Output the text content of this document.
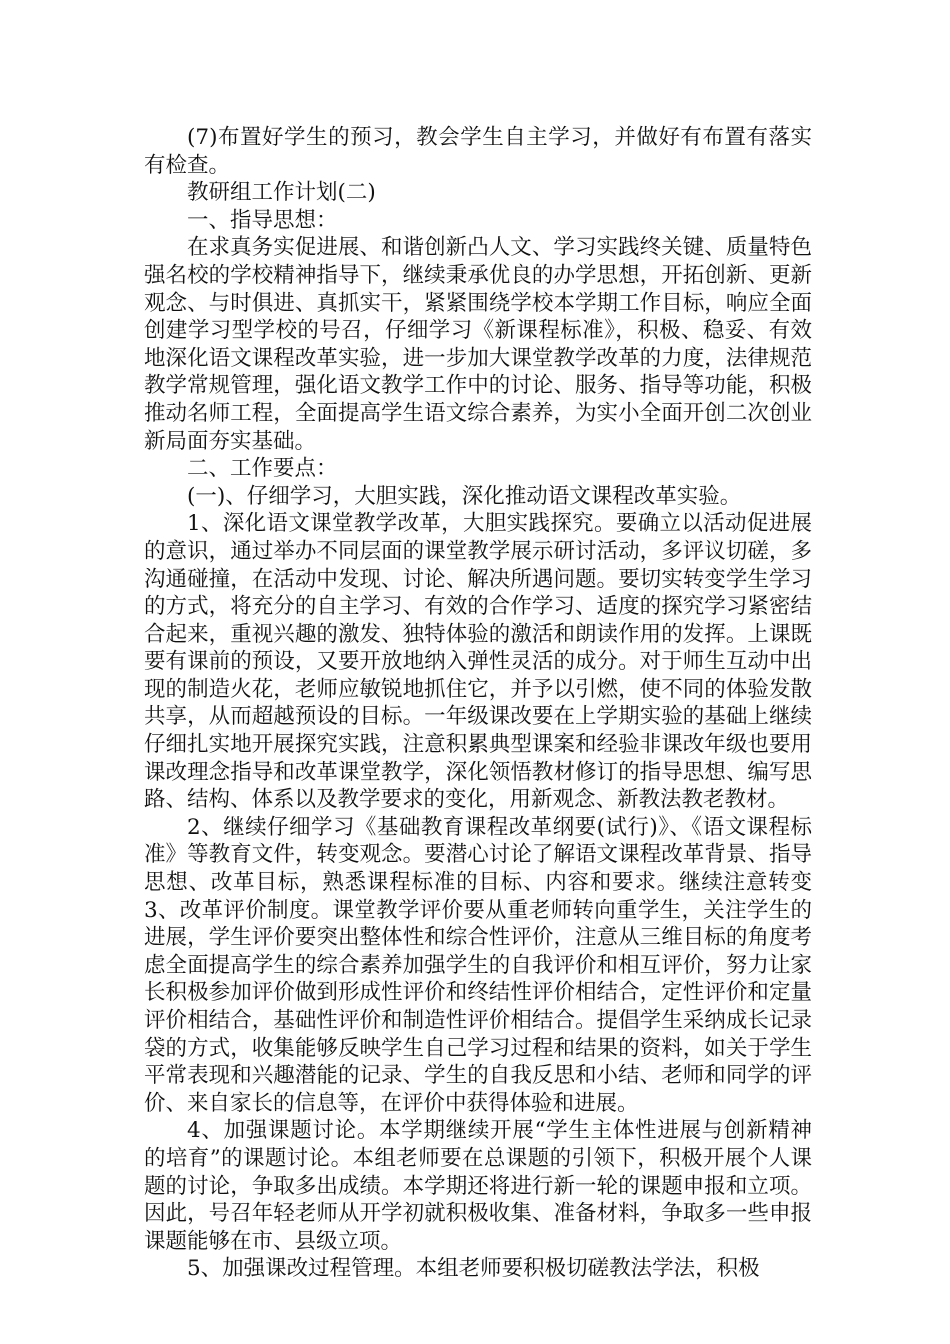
(7)布置好学生的预习，教会学生自主学习，并做好有布置有落实有检查。

教研组工作计划(二)

一、指导思想：

在求真务实促进展、和谐创新凸人文、学习实践终关键、质量特色强名校的学校精神指导下，继续秉承优良的办学思想，开拓创新、更新观念、与时俱进、真抓实干，紧紧围绕学校本学期工作目标，响应全面创建学习型学校的号召，仔细学习《新课程标准》，积极、稳妥、有效地深化语文课程改革实验，进一步加大课堂教学改革的力度，法律规范教学常规管理，强化语文教学工作中的讨论、服务、指导等功能，积极推动名师工程，全面提高学生语文综合素养，为实小全面开创二次创业新局面夯实基础。

二、工作要点：

(一)、仔细学习，大胆实践，深化推动语文课程改革实验。

1、深化语文课堂教学改革，大胆实践探究。要确立以活动促进展的意识，通过举办不同层面的课堂教学展示研讨活动，多评议切磋，多沟通碰撞，在活动中发现、讨论、解决所遇问题。要切实转变学生学习的方式，将充分的自主学习、有效的合作学习、适度的探究学习紧密结合起来，重视兴趣的激发、独特体验的激活和朗读作用的发挥。上课既要有课前的预设，又要开放地纳入弹性灵活的成分。对于师生互动中出现的制造火花，老师应敏锐地抓住它，并予以引燃，使不同的体验发散共享，从而超越预设的目标。一年级课改要在上学期实验的基础上继续仔细扎实地开展探究实践，注意积累典型课案和经验非课改年级也要用课改理念指导和改革课堂教学，深化领悟教材修订的指导思想、编写思路、结构、体系以及教学要求的变化，用新观念、新教法教老教材。

2、继续仔细学习《基础教育课程改革纲要(试行)》、《语文课程标准》等教育文件，转变观念。要潜心讨论了解语文课程改革背景、指导思想、改革目标，熟悉课程标准的目标、内容和要求。继续注意转变3、改革评价制度。课堂教学评价要从重老师转向重学生，关注学生的进展，学生评价要突出整体性和综合性评价，注意从三维目标的角度考虑全面提高学生的综合素养加强学生的自我评价和相互评价，努力让家长积极参加评价做到形成性评价和终结性评价相结合，定性评价和定量评价相结合，基础性评价和制造性评价相结合。提倡学生采纳成长记录袋的方式，收集能够反映学生自己学习过程和结果的资料，如关于学生平常表现和兴趣潜能的记录、学生的自我反思和小结、老师和同学的评价、来自家长的信息等，在评价中获得体验和进展。

4、加强课题讨论。本学期继续开展“学生主体性进展与创新精神的培育”的课题讨论。本组老师要在总课题的引领下，积极开展个人课题的讨论，争取多出成绩。本学期还将进行新一轮的课题申报和立项。因此，号召年轻老师从开学初就积极收集、准备材料，争取多一些申报课题能够在市、县级立项。

5、加强课改过程管理。本组老师要积极切磋教法学法，积极
